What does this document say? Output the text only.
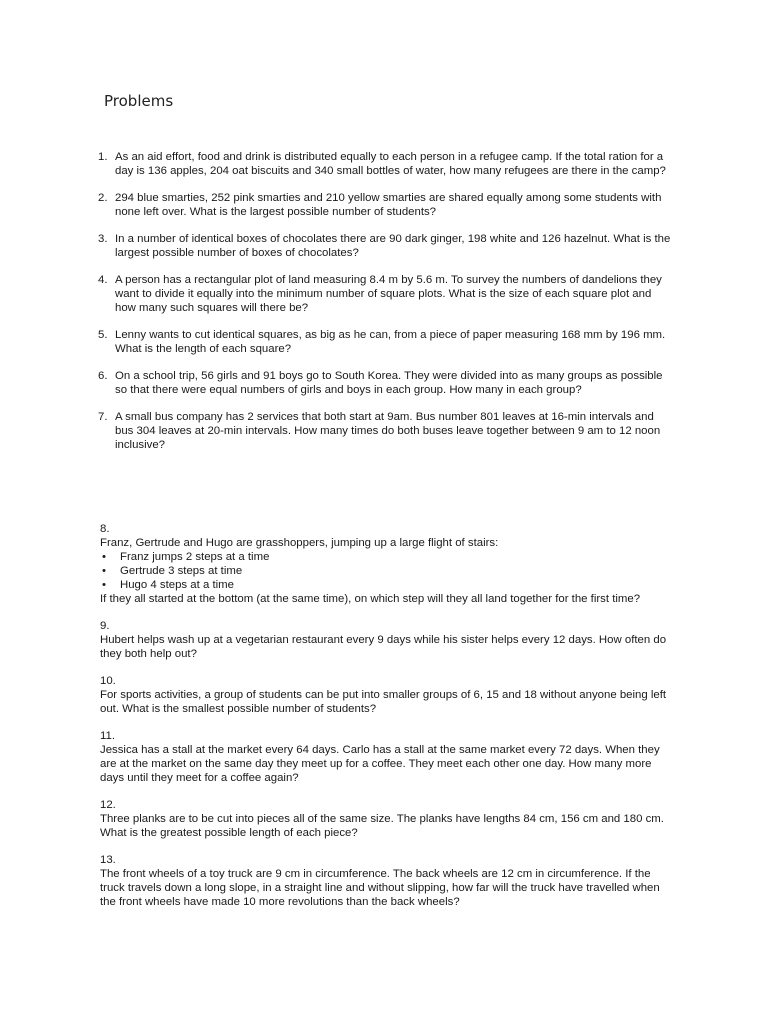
Problems
1. As an aid effort, food and drink is distributed equally to each person in a refugee camp. If the total ration for a day is 136 apples, 204 oat biscuits and 340 small bottles of water, how many refugees are there in the camp?
2. 294 blue smarties, 252 pink smarties and 210 yellow smarties are shared equally among some students with none left over. What is the largest possible number of students?
3. In a number of identical boxes of chocolates there are 90 dark ginger, 198 white and 126 hazelnut. What is the largest possible number of boxes of chocolates?
4. A person has a rectangular plot of land measuring 8.4 m by 5.6 m. To survey the numbers of dandelions they want to divide it equally into the minimum number of square plots. What is the size of each square plot and how many such squares will there be?
5. Lenny wants to cut identical squares, as big as he can, from a piece of paper measuring 168 mm by 196 mm. What is the length of each square?
6. On a school trip, 56 girls and 91 boys go to South Korea. They were divided into as many groups as possible so that there were equal numbers of girls and boys in each group. How many in each group?
7. A small bus company has 2 services that both start at 9am. Bus number 801 leaves at 16-min intervals and bus 304 leaves at 20-min intervals. How many times do both buses leave together between 9 am to 12 noon inclusive?

8.

Franz, Gertrude and Hugo are grasshoppers, jumping up a large flight of stairs:

• Franz jumps 2 steps at a time
• Gertrude 3 steps at time
• Hugo 4 steps at a time

If they all started at the bottom (at the same time), on which step will they all land together for the first time?

9.

Hubert helps wash up at a vegetarian restaurant every 9 days while his sister helps every 12 days. How often do they both help out?

10.

For sports activities, a group of students can be put into smaller groups of 6, 15 and 18 without anyone being left out. What is the smallest possible number of students?

11.

Jessica has a stall at the market every 64 days. Carlo has a stall at the same market every 72 days. When they are at the market on the same day they meet up for a coffee. They meet each other one day. How many more days until they meet for a coffee again?

12.

Three planks are to be cut into pieces all of the same size. The planks have lengths 84 cm, 156 cm and 180 cm. What is the greatest possible length of each piece?

13.

The front wheels of a toy truck are 9 cm in circumference. The back wheels are 12 cm in circumference. If the truck travels down a long slope, in a straight line and without slipping, how far will the truck have travelled when the front wheels have made 10 more revolutions than the back wheels?
